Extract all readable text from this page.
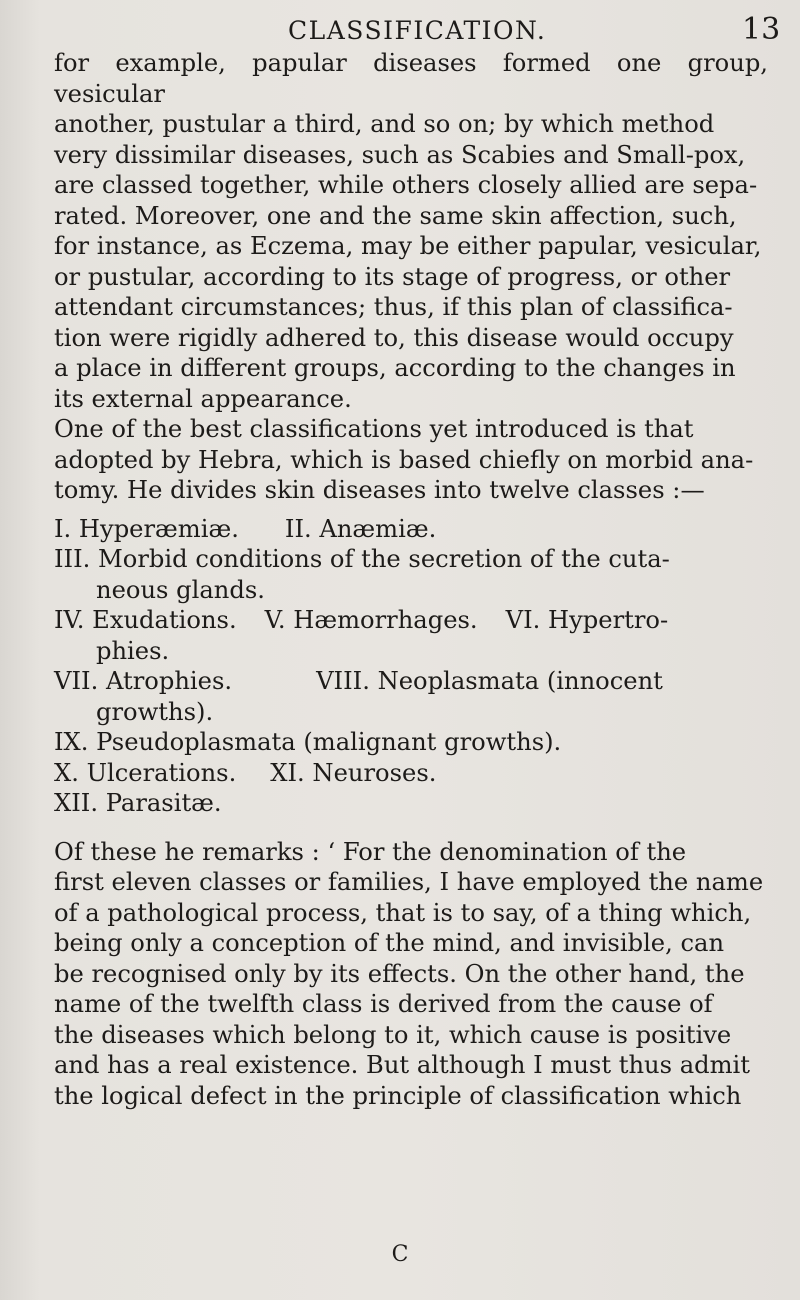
CLASSIFICATION.	13
for example, papular diseases formed one group, vesicular
another, pustular a third, and so on; by which method
very dissimilar diseases, such as Scabies and Small-pox,
are classed together, while others closely allied are sepa-
rated. Moreover, one and the same skin affection, such,
for instance, as Eczema, may be either papular, vesicular,
or pustular, according to its stage of progress, or other
attendant circumstances; thus, if this plan of classifica-
tion were rigidly adhered to, this disease would occupy
a place in different groups, according to the changes in
its external appearance.
One of the best classifications yet introduced is that
adopted by Hebra, which is based chiefly on morbid ana-
tomy. He divides skin diseases into twelve classes :—
I. Hyperæmiæ. II. Anæmiæ.
III. Morbid conditions of the secretion of the cuta-
neous glands.
IV. Exudations. V. Hæmorrhages. VI. Hypertro-
phies.
VII. Atrophies.	VIII. Neoplasmata (innocent
growths).
IX. Pseudoplasmata (malignant growths).
X. Ulcerations. XI. Neuroses.
XII. Parasitæ.
Of these he remarks : ‘ For the denomination of the
first eleven classes or families, I have employed the name
of a pathological process, that is to say, of a thing which,
being only a conception of the mind, and invisible, can
be recognised only by its effects. On the other hand, the
name of the twelfth class is derived from the cause of
the diseases which belong to it, which cause is positive
and has a real existence. But although I must thus admit
the logical defect in the principle of classification which
C
